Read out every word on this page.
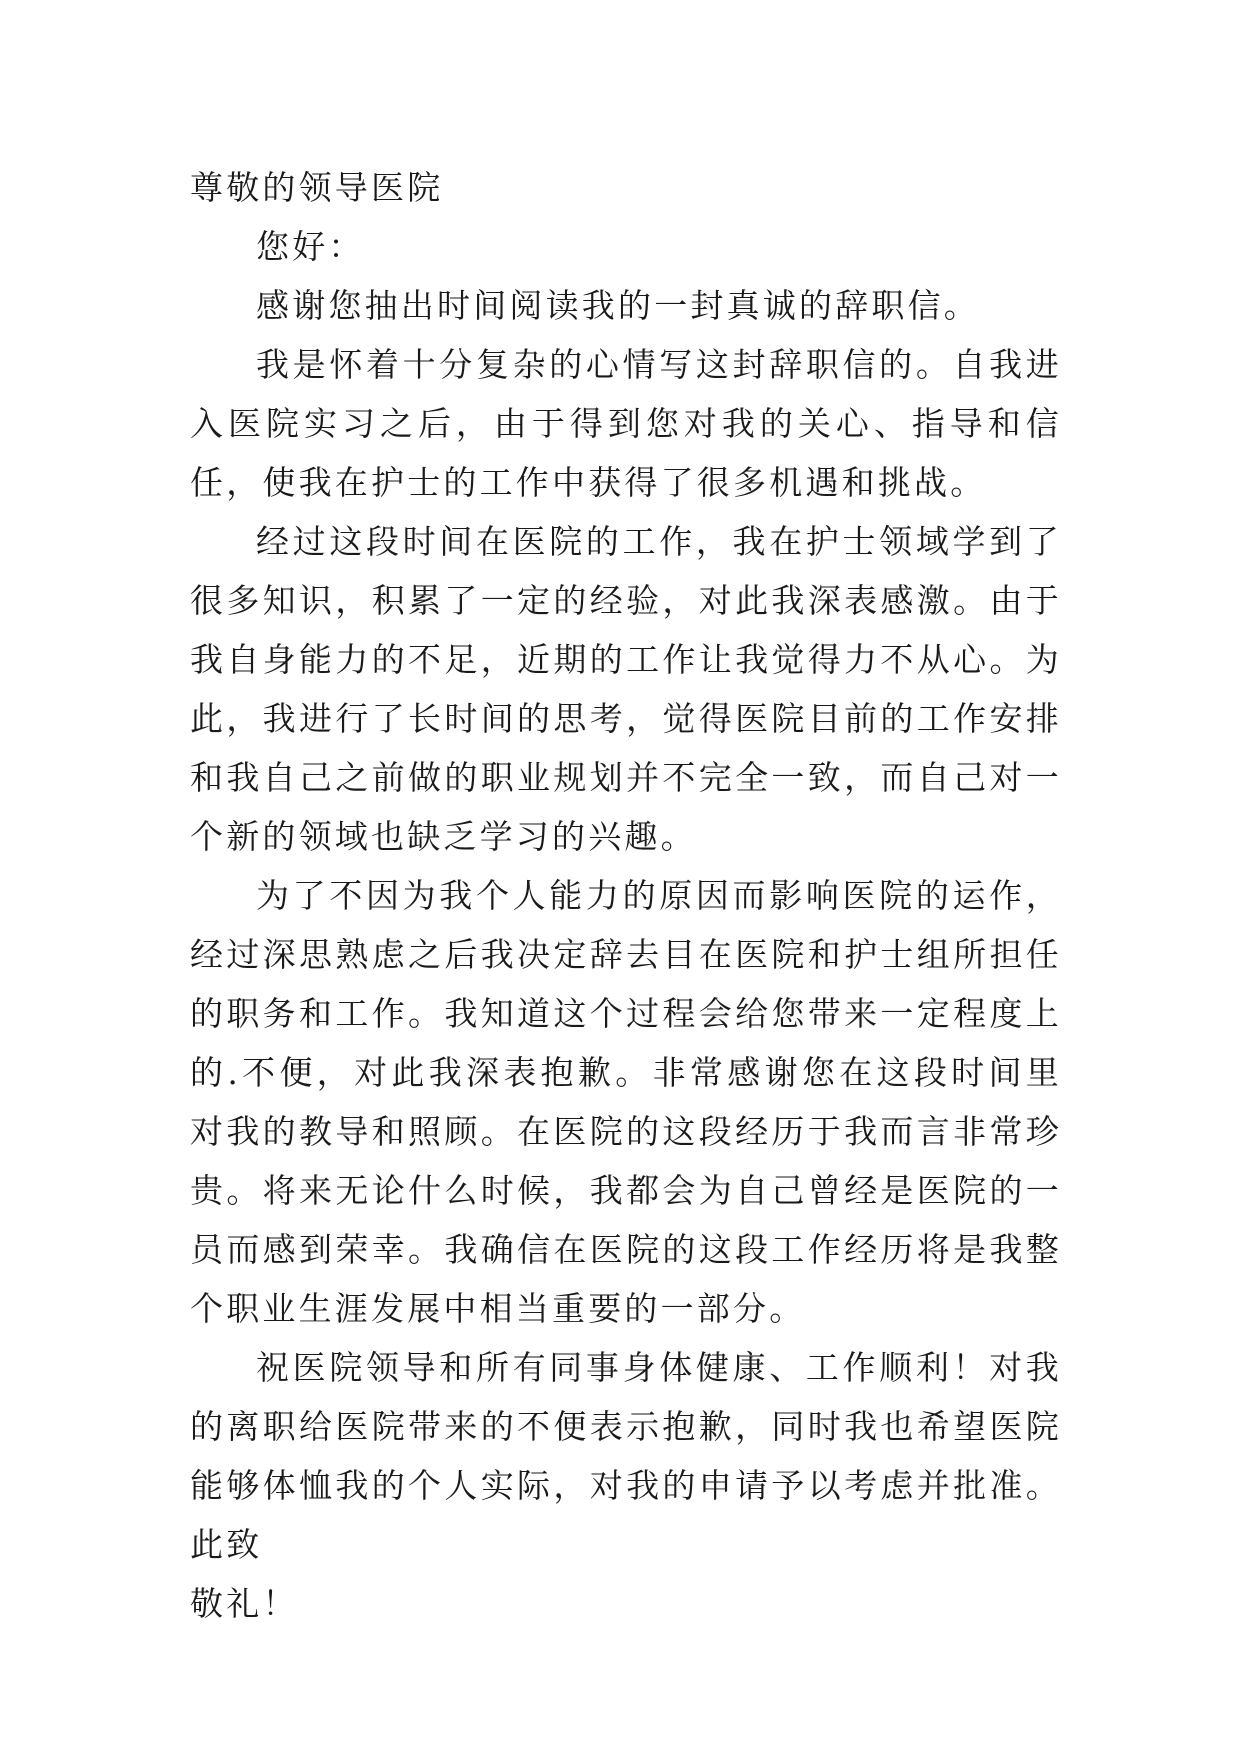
尊敬的领导医院

您好：

感谢您抽出时间阅读我的一封真诚的辞职信。

我是怀着十分复杂的心情写这封辞职信的。自我进入医院实习之后，由于得到您对我的关心、指导和信任，使我在护士的工作中获得了很多机遇和挑战。

经过这段时间在医院的工作，我在护士领域学到了很多知识，积累了一定的经验，对此我深表感激。由于我自身能力的不足，近期的工作让我觉得力不从心。为此，我进行了长时间的思考，觉得医院目前的工作安排和我自己之前做的职业规划并不完全一致，而自己对一个新的领域也缺乏学习的兴趣。

为了不因为我个人能力的原因而影响医院的运作，经过深思熟虑之后我决定辞去目在医院和护士组所担任的职务和工作。我知道这个过程会给您带来一定程度上的.不便，对此我深表抱歉。非常感谢您在这段时间里对我的教导和照顾。在医院的这段经历于我而言非常珍贵。将来无论什么时候，我都会为自己曾经是医院的一员而感到荣幸。我确信在医院的这段工作经历将是我整个职业生涯发展中相当重要的一部分。

祝医院领导和所有同事身体健康、工作顺利！对我的离职给医院带来的不便表示抱歉，同时我也希望医院能够体恤我的个人实际，对我的申请予以考虑并批准。此致

敬礼！
